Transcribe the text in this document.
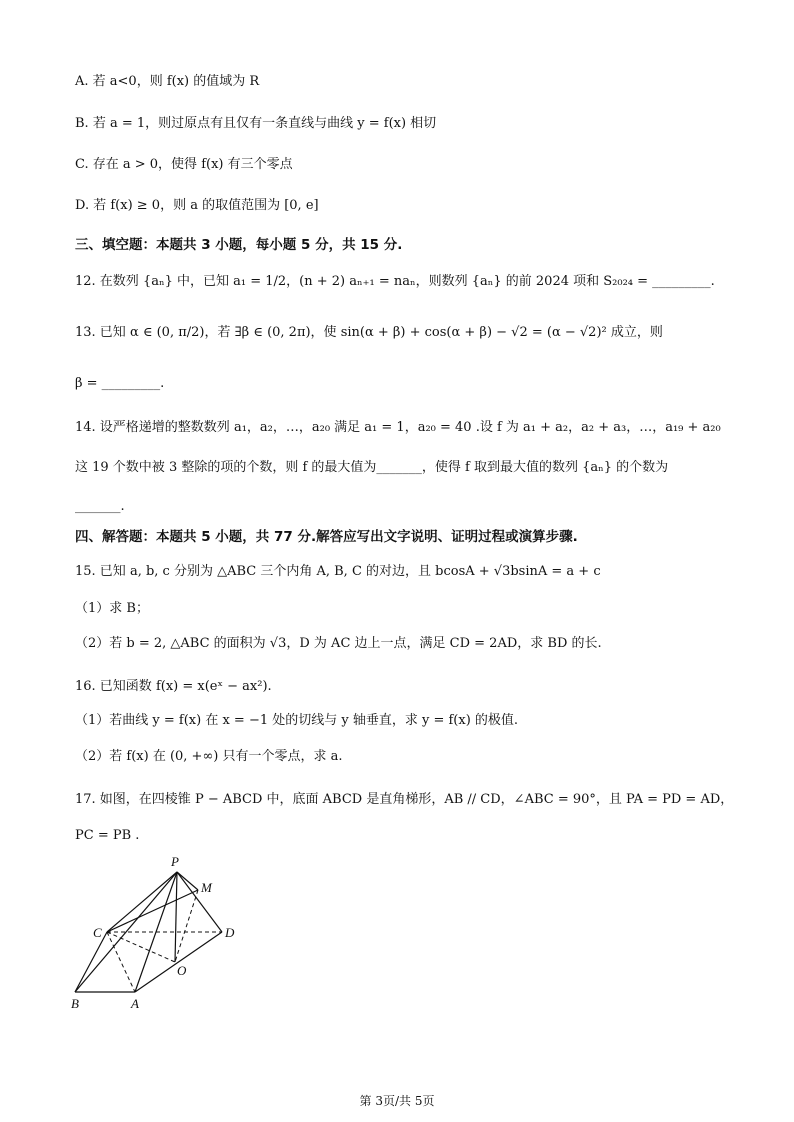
A. 若 a<0，则 f(x) 的值域为 R
B. 若 a = 1，则过原点有且仅有一条直线与曲线 y = f(x) 相切
C. 存在 a > 0，使得 f(x) 有三个零点
D. 若 f(x) ≥ 0，则 a 的取值范围为 [0, e]
三、填空题：本题共 3 小题，每小题 5 分，共 15 分.
12. 在数列 {aₙ} 中，已知 a₁ = 1/2，(n + 2) aₙ₊₁ = naₙ，则数列 {aₙ} 的前 2024 项和 S₂₀₂₄ = _________.
13. 已知 α ∈ (0, π/2)，若 ∃β ∈ (0, 2π)，使 sin(α + β) + cos(α + β) − √2 = (α − √2)² 成立，则
β = _________.
14. 设严格递增的整数数列 a₁，a₂，…，a₂₀ 满足 a₁ = 1，a₂₀ = 40 .设 f 为 a₁ + a₂，a₂ + a₃，…，a₁₉ + a₂₀
这 19 个数中被 3 整除的项的个数，则 f 的最大值为_______，使得 f 取到最大值的数列 {aₙ} 的个数为
_______.
四、解答题：本题共 5 小题，共 77 分.解答应写出文字说明、证明过程或演算步骤.
15. 已知 a, b, c 分别为 △ABC 三个内角 A, B, C 的对边，且 bcosA + √3bsinA = a + c
（1）求 B；
（2）若 b = 2, △ABC 的面积为 √3，D 为 AC 边上一点，满足 CD = 2AD，求 BD 的长.
16. 已知函数 f(x) = x(eˣ − ax²).
（1）若曲线 y = f(x) 在 x = −1 处的切线与 y 轴垂直，求 y = f(x) 的极值.
（2）若 f(x) 在 (0, +∞) 只有一个零点，求 a.
17. 如图，在四棱锥 P − ABCD 中，底面 ABCD 是直角梯形，AB // CD，∠ABC = 90°，且 PA = PD = AD，
PC = PB .
P
M
C	D
O
B	A
第 3页/共 5页
